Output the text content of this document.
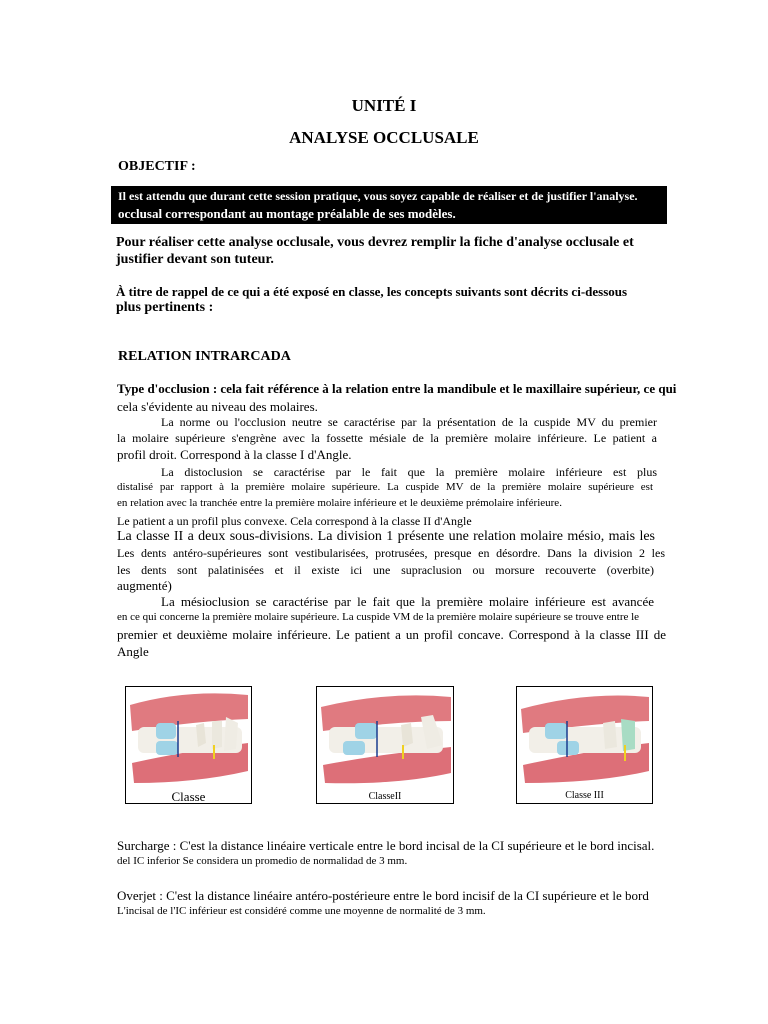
UNITÉ I
ANALYSE OCCLUSALE
OBJECTIF :
Il est attendu que durant cette session pratique, vous soyez capable de réaliser et de justifier l'analyse.
occlusal correspondant au montage préalable de ses modèles.
Pour réaliser cette analyse occlusale, vous devrez remplir la fiche d'analyse occlusale et
justifier devant son tuteur.
À titre de rappel de ce qui a été exposé en classe, les concepts suivants sont décrits ci-dessous
plus pertinents :
RELATION INTRARCADA
Type d'occlusion : cela fait référence à la relation entre la mandibule et le maxillaire supérieur, ce qui
cela s'évidente au niveau des molaires.
La norme ou l'occlusion neutre se caractérise par la présentation de la cuspide MV du premier
la molaire supérieure s'engrène avec la fossette mésiale de la première molaire inférieure. Le patient a
profil droit. Correspond à la classe I d'Angle.
La distoclusion se caractérise par le fait que la première molaire inférieure est plus
distalisé par rapport à la première molaire supérieure. La cuspide MV de la première molaire supérieure est
en relation avec la tranchée entre la première molaire inférieure et le deuxième prémolaire inférieure.
Le patient a un profil plus convexe. Cela correspond à la classe II d'Angle
La classe II a deux sous-divisions. La division 1 présente une relation molaire mésio, mais les
Les dents antéro-supérieures sont vestibularisées, protrusées, presque en désordre. Dans la division 2 les
les dents sont palatinisées et il existe ici une supraclusion ou morsure recouverte (overbite)
augmenté)
La mésioclusion se caractérise par le fait que la première molaire inférieure est avancée
en ce qui concerne la première molaire supérieure. La cuspide VM de la première molaire supérieure se trouve entre le
premier et deuxième molaire inférieure. Le patient a un profil concave. Correspond à la classe III de
Angle
Classe	ClasseII	Classe III
Surcharge : C'est la distance linéaire verticale entre le bord incisal de la CI supérieure et le bord incisal.
del IC inferior Se considera un promedio de normalidad de 3 mm.
Overjet : C'est la distance linéaire antéro-postérieure entre le bord incisif de la CI supérieure et le bord
L'incisal de l'IC inférieur est considéré comme une moyenne de normalité de 3 mm.
